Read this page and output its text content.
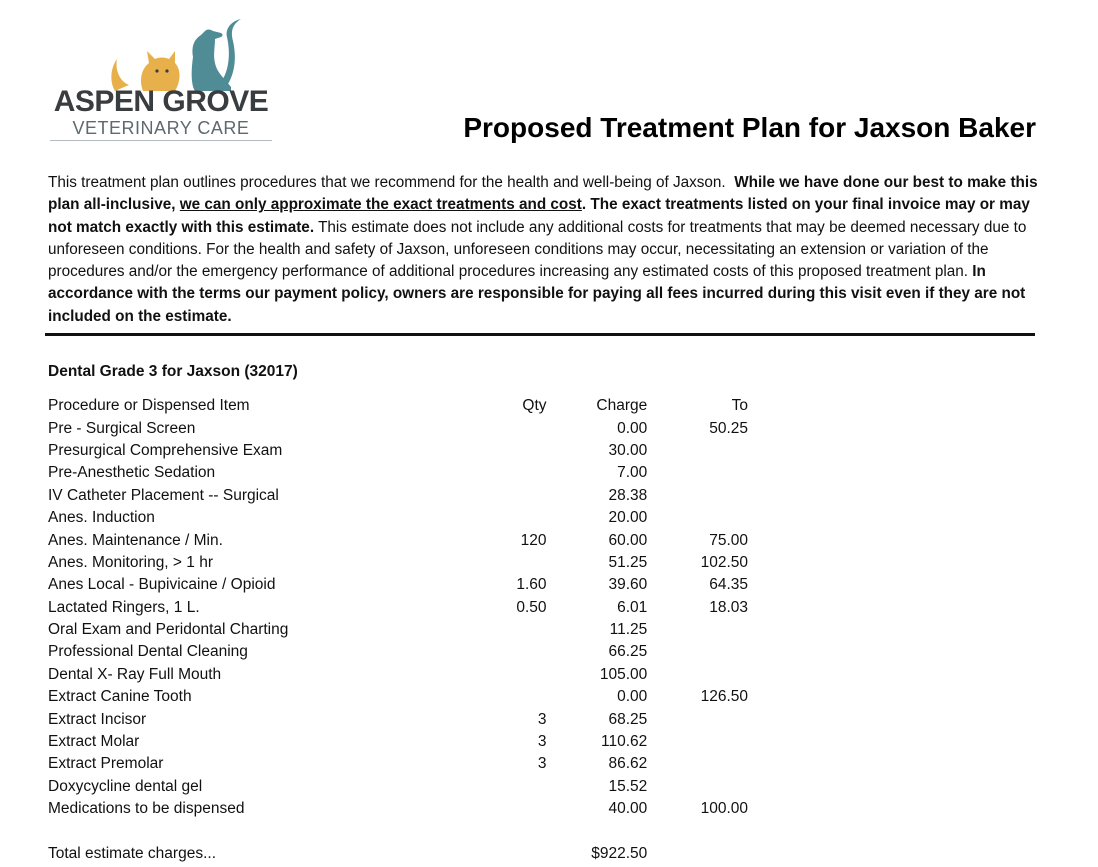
ASPEN GROVE
VETERINARY CARE	Proposed Treatment Plan for Jaxson Baker
This treatment plan outlines procedures that we recommend for the health and well-being of Jaxson. While we have done our best to make this plan all-inclusive, we can only approximate the exact treatments and cost. The exact treatments listed on your final invoice may or may not match exactly with this estimate. This estimate does not include any additional costs for treatments that may be deemed necessary due to unforeseen conditions. For the health and safety of Jaxson, unforeseen conditions may occur, necessitating an extension or variation of the procedures and/or the emergency performance of additional procedures increasing any estimated costs of this proposed treatment plan. In accordance with the terms our payment policy, owners are responsible for paying all fees incurred during this visit even if they are not included on the estimate.
Dental Grade 3 for Jaxson (32017)
Procedure or Dispensed Item	Qty	Charge	To
Pre - Surgical Screen		0.00	50.25
Presurgical Comprehensive Exam		30.00	
Pre-Anesthetic Sedation		7.00	
IV Catheter Placement -- Surgical		28.38	
Anes. Induction		20.00	
Anes. Maintenance / Min.	120	60.00	75.00
Anes. Monitoring, > 1 hr		51.25	102.50
Anes Local - Bupivicaine / Opioid	1.60	39.60	64.35
Lactated Ringers, 1 L.	0.50	6.01	18.03
Oral Exam and Peridontal Charting		11.25	
Professional Dental Cleaning		66.25	
Dental X- Ray Full Mouth		105.00	
Extract Canine Tooth		0.00	126.50
Extract Incisor	3	68.25	
Extract Molar	3	110.62	
Extract Premolar	3	86.62	
Doxycycline dental gel		15.52	
Medications to be dispensed		40.00	100.00

Total estimate charges...		$922.50	
